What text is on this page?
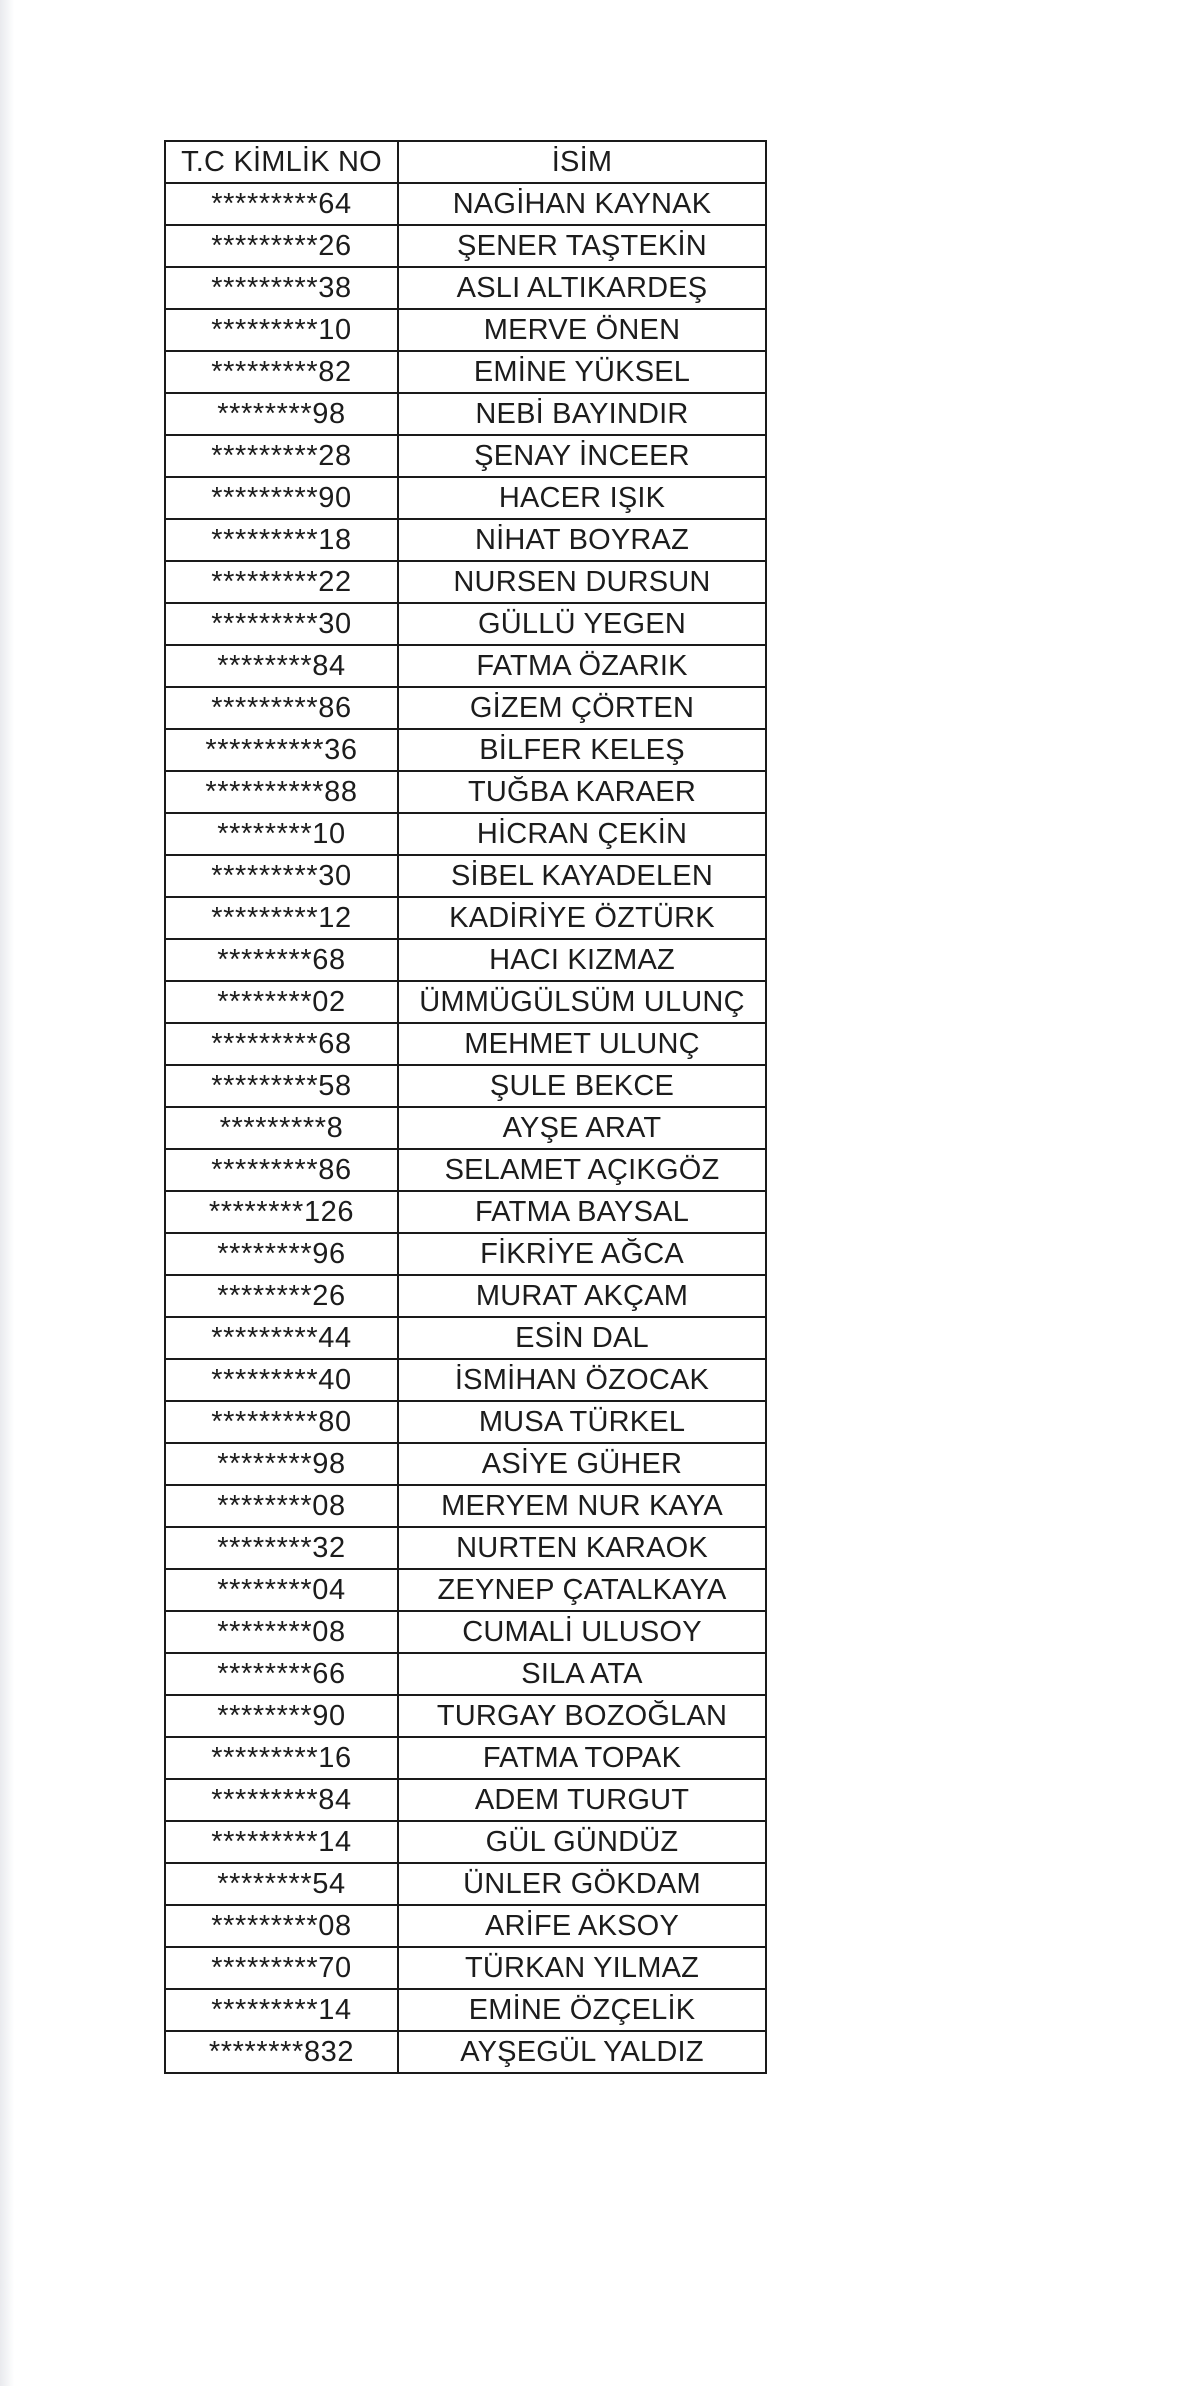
T.C KİMLİK NO	İSİM
*********64	NAGİHAN KAYNAK
*********26	ŞENER TAŞTEKİN
*********38	ASLI ALTIKARDEŞ
*********10	MERVE ÖNEN
*********82	EMİNE YÜKSEL
********98	NEBİ BAYINDIR
*********28	ŞENAY İNCEER
*********90	HACER IŞIK
*********18	NİHAT BOYRAZ
*********22	NURSEN DURSUN
*********30	GÜLLÜ YEGEN
********84	FATMA ÖZARIK
*********86	GİZEM ÇÖRTEN
**********36	BİLFER KELEŞ
**********88	TUĞBA KARAER
********10	HİCRAN ÇEKİN
*********30	SİBEL KAYADELEN
*********12	KADİRİYE ÖZTÜRK
********68	HACI KIZMAZ
********02	ÜMMÜGÜLSÜM ULUNÇ
*********68	MEHMET ULUNÇ
*********58	ŞULE BEKCE
*********8	AYŞE ARAT
*********86	SELAMET AÇIKGÖZ
********126	FATMA BAYSAL
********96	FİKRİYE AĞCA
********26	MURAT AKÇAM
*********44	ESİN DAL
*********40	İSMİHAN ÖZOCAK
*********80	MUSA TÜRKEL
********98	ASİYE GÜHER
********08	MERYEM NUR KAYA
********32	NURTEN KARAOK
********04	ZEYNEP ÇATALKAYA
********08	CUMALİ ULUSOY
********66	SILA ATA
********90	TURGAY BOZOĞLAN
*********16	FATMA TOPAK
*********84	ADEM TURGUT
*********14	GÜL GÜNDÜZ
********54	ÜNLER GÖKDAM
*********08	ARİFE AKSOY
*********70	TÜRKAN YILMAZ
*********14	EMİNE ÖZÇELİK
********832	AYŞEGÜL YALDIZ
